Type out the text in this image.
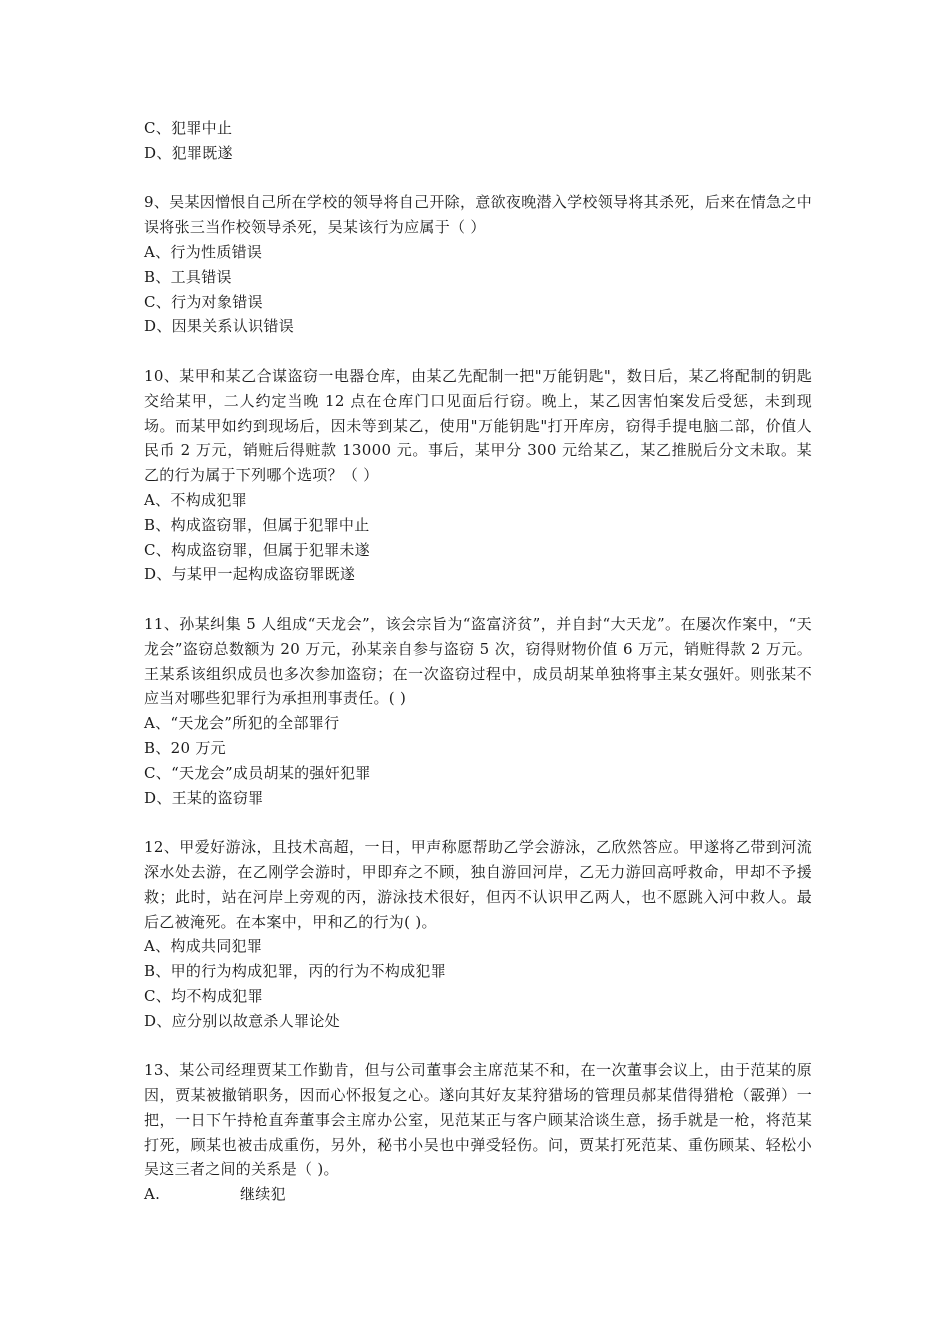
C、犯罪中止
D、犯罪既遂
9、吴某因憎恨自己所在学校的领导将自己开除，意欲夜晚潜入学校领导将其杀死，后来在情急之中误将张三当作校领导杀死，吴某该行为应属于（ ）
A、行为性质错误
B、工具错误
C、行为对象错误
D、因果关系认识错误
10、某甲和某乙合谋盗窃一电器仓库，由某乙先配制一把"万能钥匙"，数日后，某乙将配制的钥匙交给某甲，二人约定当晚 12 点在仓库门口见面后行窃。晚上，某乙因害怕案发后受惩，未到现场。而某甲如约到现场后，因未等到某乙，使用"万能钥匙"打开库房，窃得手提电脑二部，价值人民币 2 万元，销赃后得赃款 13000 元。事后，某甲分 300 元给某乙，某乙推脱后分文未取。某乙的行为属于下列哪个选项？（ ）
A、不构成犯罪
B、构成盗窃罪，但属于犯罪中止
C、构成盗窃罪，但属于犯罪未遂
D、与某甲一起构成盗窃罪既遂
11、孙某纠集 5 人组成“天龙会”，该会宗旨为“盗富济贫”，并自封“大天龙”。在屡次作案中，“天龙会”盗窃总数额为 20 万元，孙某亲自参与盗窃 5 次，窃得财物价值 6 万元，销赃得款 2 万元。王某系该组织成员也多次参加盗窃；在一次盗窃过程中，成员胡某单独将事主某女强奸。则张某不应当对哪些犯罪行为承担刑事责任。( )
A、“天龙会”所犯的全部罪行
B、20 万元
C、“天龙会”成员胡某的强奸犯罪
D、王某的盗窃罪
12、甲爱好游泳，且技术高超，一日，甲声称愿帮助乙学会游泳，乙欣然答应。甲遂将乙带到河流深水处去游，在乙刚学会游时，甲即弃之不顾，独自游回河岸，乙无力游回高呼救命，甲却不予援救；此时，站在河岸上旁观的丙，游泳技术很好，但丙不认识甲乙两人，也不愿跳入河中救人。最后乙被淹死。在本案中，甲和乙的行为( )。
A、构成共同犯罪
B、甲的行为构成犯罪，丙的行为不构成犯罪
C、均不构成犯罪
D、应分别以故意杀人罪论处
13、某公司经理贾某工作勤肯，但与公司董事会主席范某不和，在一次董事会议上，由于范某的原因，贾某被撤销职务，因而心怀报复之心。遂向其好友某狩猎场的管理员郝某借得猎枪（霰弹）一把，一日下午持枪直奔董事会主席办公室，见范某正与客户顾某洽谈生意，扬手就是一枪，将范某打死，顾某也被击成重伤，另外，秘书小吴也中弹受轻伤。问，贾某打死范某、重伤顾某、轻松小吴这三者之间的关系是（ )。
A.	继续犯
